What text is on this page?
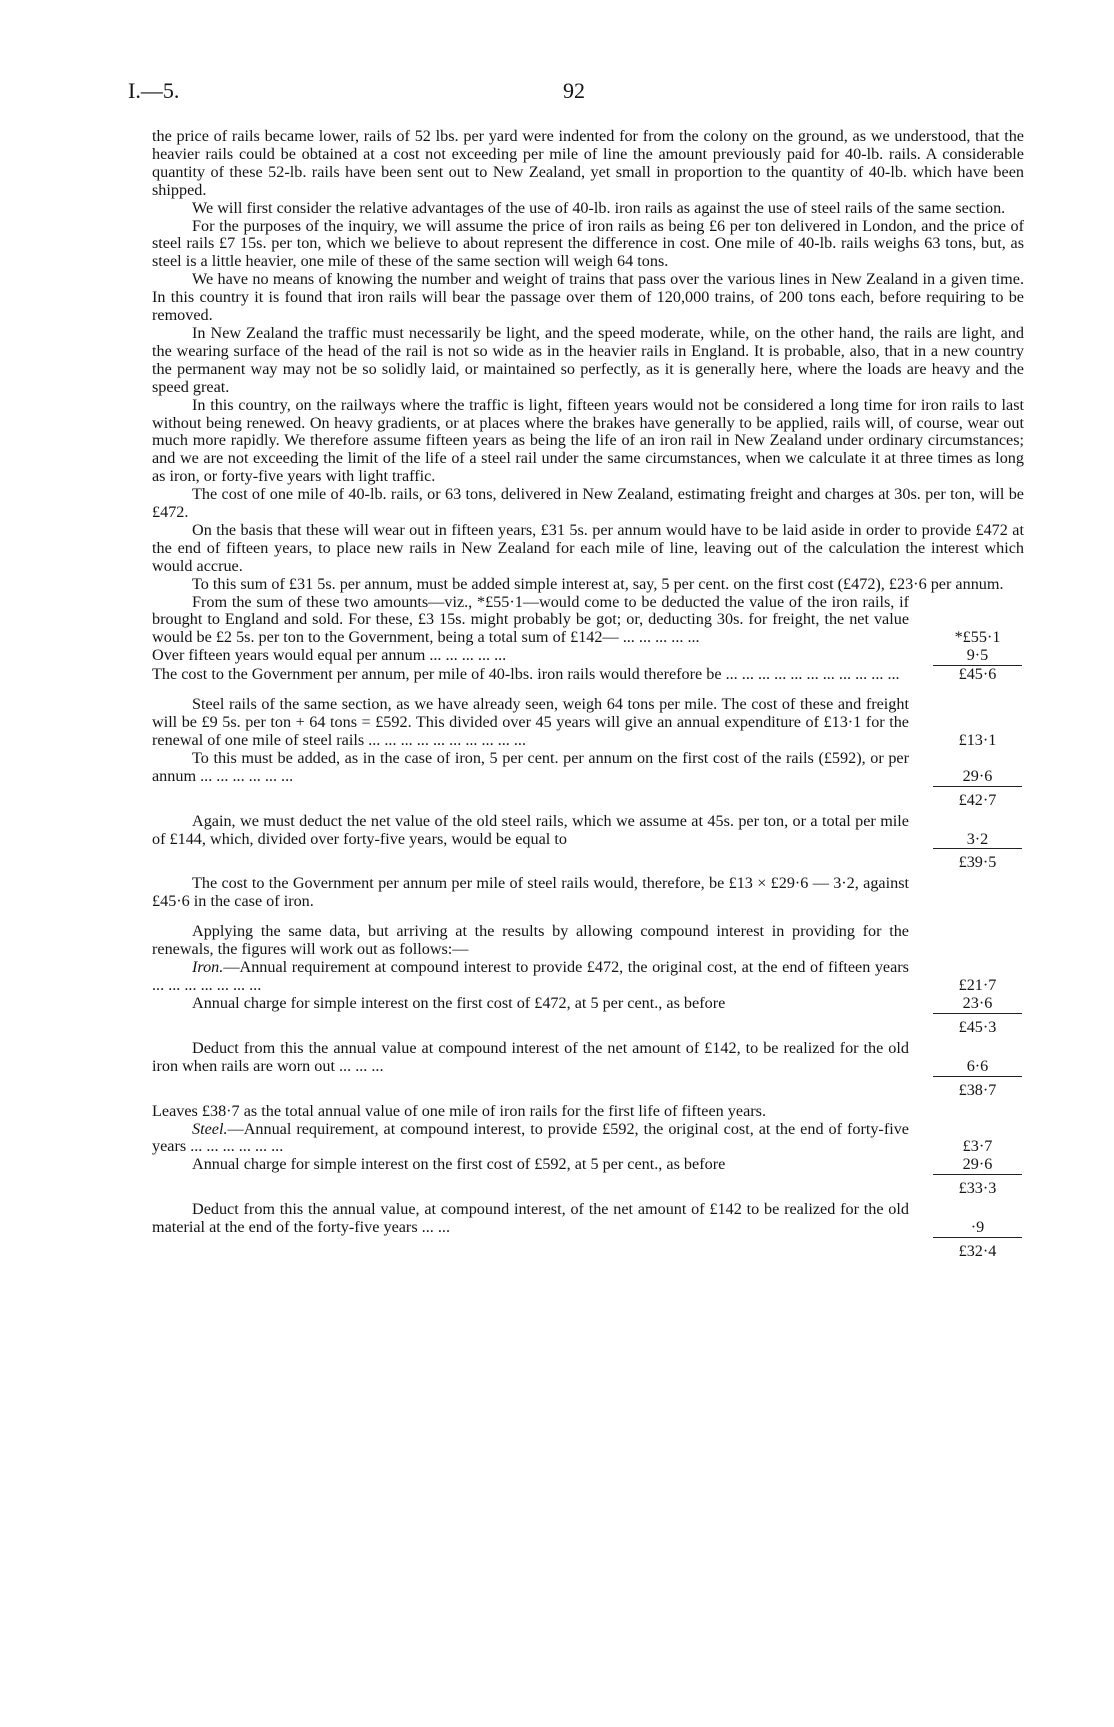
I.—5.	92

the price of rails became lower, rails of 52 lbs. per yard were indented for from the colony on the ground, as we understood, that the heavier rails could be obtained at a cost not exceeding per mile of line the amount previously paid for 40-lb. rails. A considerable quantity of these 52-lb. rails have been sent out to New Zealand, yet small in proportion to the quantity of 40-lb. which have been shipped.

We will first consider the relative advantages of the use of 40-lb. iron rails as against the use of steel rails of the same section.

For the purposes of the inquiry, we will assume the price of iron rails as being £6 per ton delivered in London, and the price of steel rails £7 15s. per ton, which we believe to about represent the difference in cost. One mile of 40-lb. rails weighs 63 tons, but, as steel is a little heavier, one mile of these of the same section will weigh 64 tons.

We have no means of knowing the number and weight of trains that pass over the various lines in New Zealand in a given time. In this country it is found that iron rails will bear the passage over them of 120,000 trains, of 200 tons each, before requiring to be removed.

In New Zealand the traffic must necessarily be light, and the speed moderate, while, on the other hand, the rails are light, and the wearing surface of the head of the rail is not so wide as in the heavier rails in England. It is probable, also, that in a new country the permanent way may not be so solidly laid, or maintained so perfectly, as it is generally here, where the loads are heavy and the speed great.

In this country, on the railways where the traffic is light, fifteen years would not be considered a long time for iron rails to last without being renewed. On heavy gradients, or at places where the brakes have generally to be applied, rails will, of course, wear out much more rapidly. We therefore assume fifteen years as being the life of an iron rail in New Zealand under ordinary circumstances; and we are not exceeding the limit of the life of a steel rail under the same circumstances, when we calculate it at three times as long as iron, or forty-five years with light traffic.

The cost of one mile of 40-lb. rails, or 63 tons, delivered in New Zealand, estimating freight and charges at 30s. per ton, will be £472.

On the basis that these will wear out in fifteen years, £31 5s. per annum would have to be laid aside in order to provide £472 at the end of fifteen years, to place new rails in New Zealand for each mile of line, leaving out of the calculation the interest which would accrue.

To this sum of £31 5s. per annum, must be added simple interest at, say, 5 per cent. on the first cost (£472), £23·6 per annum.

From the sum of these two amounts—viz., *£55·1—would come to be deducted the value of the iron rails, if brought to England and sold. For these, £3 15s. might probably be got; or, deducting 30s. for freight, the net value would be £2 5s. per ton to the Government, being a total sum of £142— ... ... ... ... ...	*£55·1

Over fifteen years would equal per annum ... ... ... ... ...	9·5

The cost to the Government per annum, per mile of 40-lbs. iron rails would therefore be ... ... ... ... ... ... ... ... ... ... ...	£45·6

Steel rails of the same section, as we have already seen, weigh 64 tons per mile. The cost of these and freight will be £9 5s. per ton + 64 tons = £592. This divided over 45 years will give an annual expenditure of £13·1 for the renewal of one mile of steel rails ... ... ... ... ... ... ... ... ... ...	£13·1

To this must be added, as in the case of iron, 5 per cent. per annum on the first cost of the rails (£592), or per annum ... ... ... ... ... ...	29·6
£42·7

Again, we must deduct the net value of the old steel rails, which we assume at 45s. per ton, or a total per mile of £144, which, divided over forty-five years, would be equal to	3·2
£39·5

The cost to the Government per annum per mile of steel rails would, therefore, be £13 × £29·6 — 3·2, against £45·6 in the case of iron.

Applying the same data, but arriving at the results by allowing compound interest in providing for the renewals, the figures will work out as follows:—

Iron.—Annual requirement at compound interest to provide £472, the original cost, at the end of fifteen years ... ... ... ... ... ... ...	£21·7

Annual charge for simple interest on the first cost of £472, at 5 per cent., as before	23·6
£45·3

Deduct from this the annual value at compound interest of the net amount of £142, to be realized for the old iron when rails are worn out ... ... ...	6·6
£38·7

Leaves £38·7 as the total annual value of one mile of iron rails for the first life of fifteen years.

Steel.—Annual requirement, at compound interest, to provide £592, the original cost, at the end of forty-five years ... ... ... ... ... ...	£3·7

Annual charge for simple interest on the first cost of £592, at 5 per cent., as before	29·6
£33·3

Deduct from this the annual value, at compound interest, of the net amount of £142 to be realized for the old material at the end of the forty-five years ... ...	·9
£32·4
